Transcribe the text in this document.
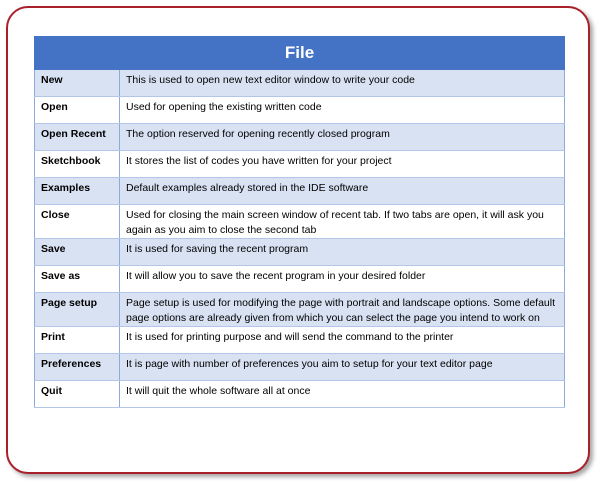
File	
New	This is used to open new text editor window to write your code
Open	Used for opening the existing written code
Open Recent	The option reserved for opening recently closed program
Sketchbook	It stores the list of codes you have written for your project
Examples	Default examples already stored in the IDE software
Close	Used for closing the main screen window of recent tab. If two tabs are open, it will ask you again as you aim to close the second tab
Save	It is used for saving the recent program
Save as	It will allow you to save the recent program in your desired folder
Page setup	Page setup is used for modifying the page with portrait and landscape options. Some default page options are already given from which you can select the page you intend to work on
Print	It is used for printing purpose and will send the command to the printer
Preferences	It is page with number of preferences you aim to setup for your text editor page
Quit	It will quit the whole software all at once
